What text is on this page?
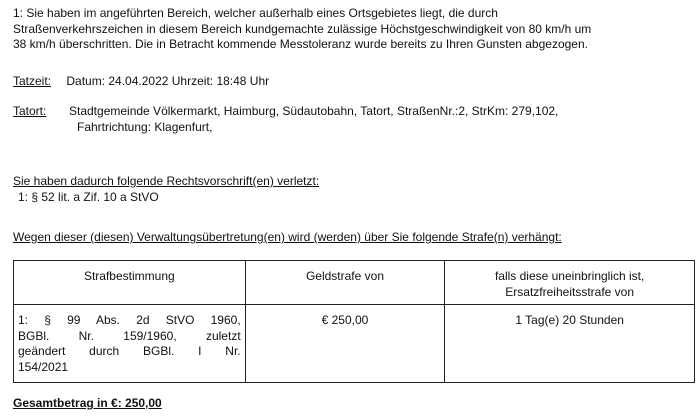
1: Sie haben im angeführten Bereich, welcher außerhalb eines Ortsgebietes liegt, die durch
Straßenverkehrszeichen in diesem Bereich kundgemachte zulässige Höchstgeschwindigkeit von 80 km/h um
38 km/h überschritten. Die in Betracht kommende Messtoleranz wurde bereits zu Ihren Gunsten abgezogen.
Tatzeit: Datum: 24.04.2022 Uhrzeit: 18:48 Uhr
Tatort: Stadtgemeinde Völkermarkt, Haimburg, Südautobahn, Tatort, StraßenNr.:2, StrKm: 279,102,
Fahrtrichtung: Klagenfurt,
Sie haben dadurch folgende Rechtsvorschrift(en) verletzt:
1: § 52 lit. a Zif. 10 a StVO
Wegen dieser (diesen) Verwaltungsübertretung(en) wird (werden) über Sie folgende Strafe(n) verhängt:
Strafbestimmung	Geldstrafe von	falls diese uneinbringlich ist,
Ersatzfreiheitsstrafe von

1: § 99 Abs. 2d StVO 1960,
BGBl. Nr. 159/1960, zuletzt
geändert durch BGBl. I Nr.
154/2021	€ 250,00	1 Tag(e) 20 Stunden
Gesamtbetrag in €: 250,00
